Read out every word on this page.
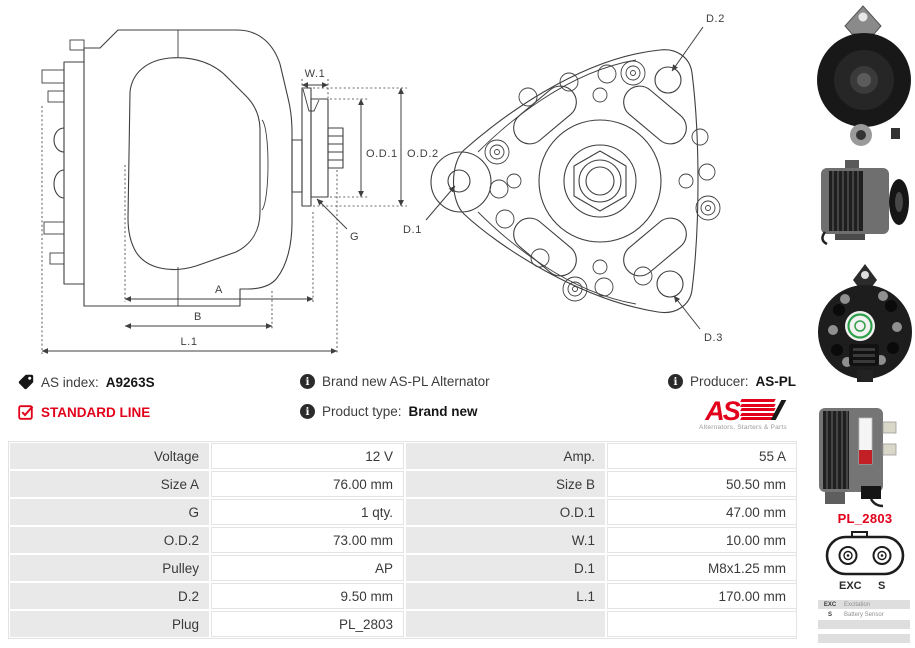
W.1
O.D.1 O.D.2
G
A
B
L.1
D.2
D.1
D.3
AS index: A9263S	i Brand new AS-PL Alternator	i Producer: AS-PL
STANDARD LINE	i Product type: Brand new	AS
Alternators, Starters & Parts
Voltage	12 V	Amp.	55 A
Size A	76.00 mm	Size B	50.50 mm
G	1 qty.	O.D.1	47.00 mm
O.D.2	73.00 mm	W.1	10.00 mm
Pulley	AP	D.1	M8x1.25 mm
D.2	9.50 mm	L.1	170.00 mm
Plug	PL_2803
PL_2803
EXC S
EXC	Excitation
S	Battery Sensor
